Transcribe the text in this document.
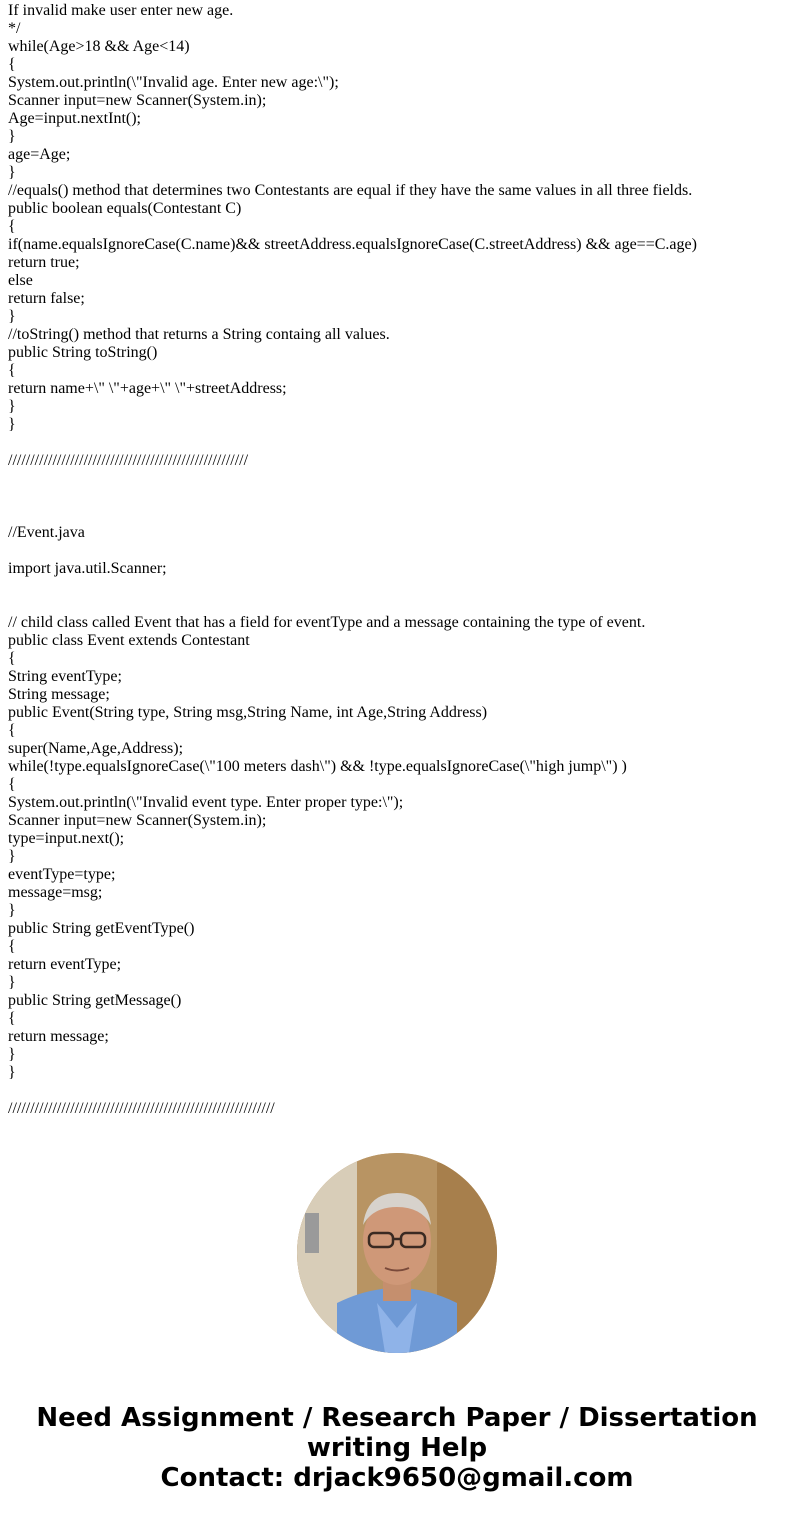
If invalid make user enter new age.
*/
while(Age>18 && Age<14)
{
System.out.println(\"Invalid age. Enter new age:\");
Scanner input=new Scanner(System.in);
Age=input.nextInt();
}
age=Age;
}
//equals() method that determines two Contestants are equal if they have the same values in all three fields.
public boolean equals(Contestant C)
{
if(name.equalsIgnoreCase(C.name)&& streetAddress.equalsIgnoreCase(C.streetAddress) && age==C.age)
return true;
else
return false;
}
//toString() method that returns a String containg all values.
public String toString()
{
return name+\" \"+age+\" \"+streetAddress;
}
}
//////////////////////////////////////////////////////
//Event.java
import java.util.Scanner;
// child class called Event that has a field for eventType and a message containing the type of event.
public class Event extends Contestant
{
String eventType;
String message;
public Event(String type, String msg,String Name, int Age,String Address)
{
super(Name,Age,Address);
while(!type.equalsIgnoreCase(\"100 meters dash\") && !type.equalsIgnoreCase(\"high jump\") )
{
System.out.println(\"Invalid event type. Enter proper type:\");
Scanner input=new Scanner(System.in);
type=input.next();
}
eventType=type;
message=msg;
}
public String getEventType()
{
return eventType;
}
public String getMessage()
{
return message;
}
}
////////////////////////////////////////////////////////////
Need Assignment / Research Paper / Dissertation
writing Help
Contact: drjack9650@gmail.com
